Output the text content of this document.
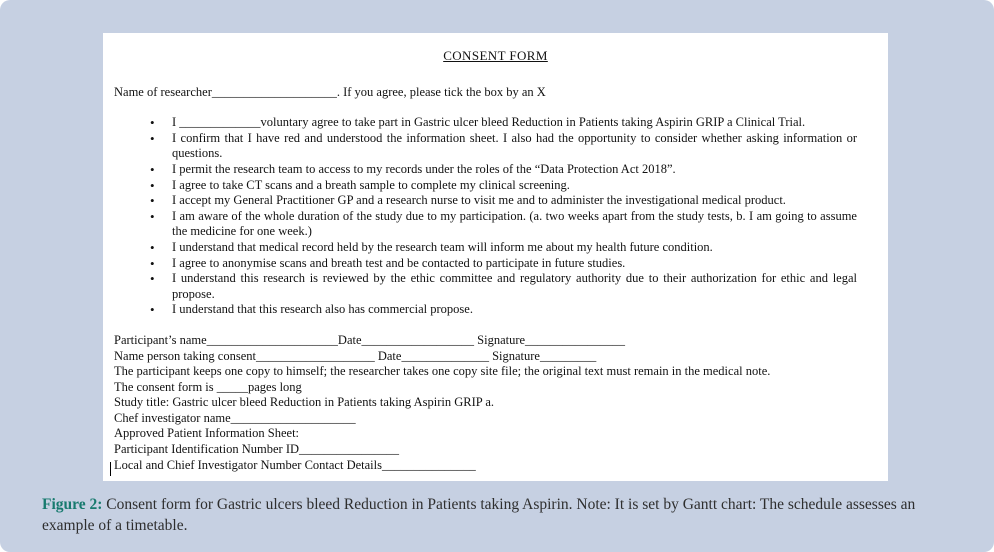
CONSENT FORM
Name of researcher____________________. If you agree, please tick the box by an X
• I _____________voluntary agree to take part in Gastric ulcer bleed Reduction in Patients taking Aspirin GRIP a Clinical Trial.
• I confirm that I have red and understood the information sheet. I also had the opportunity to consider whether asking information or questions.
• I permit the research team to access to my records under the roles of the “Data Protection Act 2018”.
• I agree to take CT scans and a breath sample to complete my clinical screening.
• I accept my General Practitioner GP and a research nurse to visit me and to administer the investigational medical product.
• I am aware of the whole duration of the study due to my participation. (a. two weeks apart from the study tests, b. I am going to assume the medicine for one week.)
• I understand that medical record held by the research team will inform me about my health future condition.
• I agree to anonymise scans and breath test and be contacted to participate in future studies.
• I understand this research is reviewed by the ethic committee and regulatory authority due to their authorization for ethic and legal propose.
• I understand that this research also has commercial propose.
Participant’s name_____________________Date__________________ Signature________________
Name person taking consent___________________ Date______________ Signature_________
The participant keeps one copy to himself; the researcher takes one copy site file; the original text must remain in the medical note.
The consent form is _____pages long
Study title: Gastric ulcer bleed Reduction in Patients taking Aspirin GRIP a.
Chef investigator name____________________
Approved Patient Information Sheet:
Participant Identification Number ID________________
Local and Chief Investigator Number Contact Details_______________
Figure 2: Consent form for Gastric ulcers bleed Reduction in Patients taking Aspirin. Note: It is set by Gantt chart: The schedule assesses an example of a timetable.
